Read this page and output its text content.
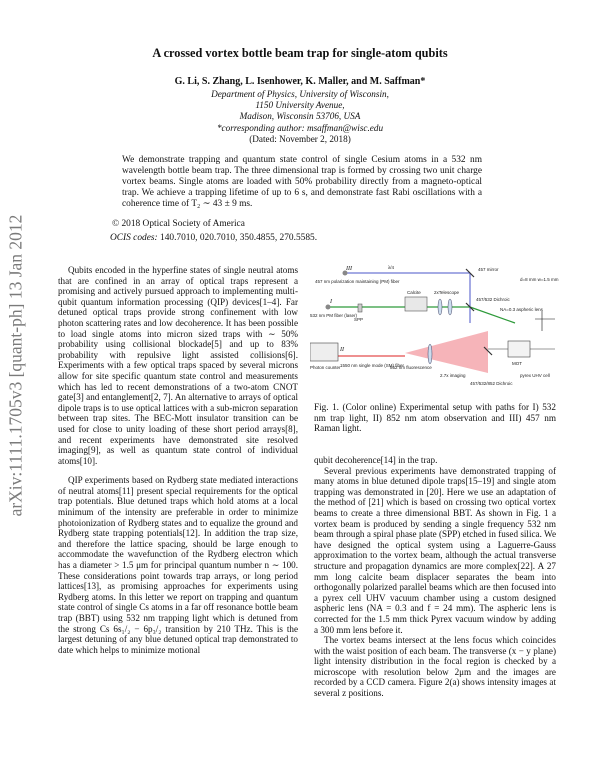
arXiv:1111.1705v3 [quant-ph] 13 Jan 2012
A crossed vortex bottle beam trap for single-atom qubits
G. Li, S. Zhang, L. Isenhower, K. Maller, and M. Saffman*
Department of Physics, University of Wisconsin,
1150 University Avenue,
Madison, Wisconsin 53706, USA
*corresponding author: msaffman@wisc.edu
(Dated: November 2, 2018)
We demonstrate trapping and quantum state control of single Cesium atoms in a 532 nm wavelength bottle beam trap. The three dimensional trap is formed by crossing two unit charge vortex beams. Single atoms are loaded with 50% probability directly from a magneto-optical trap. We achieve a trapping lifetime of up to 6 s, and demonstrate fast Rabi oscillations with a coherence time of T₂ ∼ 43 ± 9 ms.
© 2018 Optical Society of America
OCIS codes: 140.7010, 020.7010, 350.4855, 270.5585.

Qubits encoded in the hyperfine states of single neutral atoms that are confined in an array of optical traps represent a promising and actively pursued approach to implementing multi-qubit quantum information processing (QIP) devices[1–4]. Far detuned optical traps provide strong confinement with low photon scattering rates and low decoherence. It has been possible to load single atoms into micron sized traps with ∼ 50% probability using collisional blockade[5] and up to 83% probability with repulsive light assisted collisions[6]. Experiments with a few optical traps spaced by several microns allow for site specific quantum state control and measurements which has led to recent demonstrations of a two-atom CNOT gate[3] and entanglement[2, 7]. An alternative to arrays of optical dipole traps is to use optical lattices with a sub-micron separation between trap sites. The BEC-Mott insulator transition can be used for close to unity loading of these short period arrays[8], and recent experiments have demonstrated site resolved imaging[9], as well as quantum state control of individual atoms[10].

QIP experiments based on Rydberg state mediated interactions of neutral atoms[11] present special requirements for the optical trap potentials. Blue detuned traps which hold atoms at a local minimum of the intensity are preferable in order to minimize photoionization of Rydberg states and to equalize the ground and Rydberg state trapping potentials[12]. In addition the trap size, and therefore the lattice spacing, should be large enough to accommodate the wavefunction of the Rydberg electron which has a diameter > 1.5 μm for principal quantum number n ∼ 100. These considerations point towards trap arrays, or long period lattices[13], as promising approaches for experiments using Rydberg atoms. In this letter we report on trapping and quantum state control of single Cs atoms in a far off resonance bottle beam trap (BBT) using 532 nm trapping light which is detuned from the strong Cs 6s₁/₂ − 6p₃/₂ transition by 210 THz. This is the largest detuning of any blue detuned optical trap demonstrated to date which helps to minimize motional

III
I
II
457 nm polarization maintaining (PM) fiber
λ/4
Calcite	2xTelescope
457 mirror
457/532 Dichroic
NA=0.3 aspheric lens
532 nm PM fiber (laser)
SPP
1550 nm single mode (SM) fiber
852 nm fluorescence
2.7x imaging
457/532/852 Dichroic
Photon counter
MOT
pyrex UHV cell
d=8 mm w=1.5 mm
Fig. 1. (Color online) Experimental setup with paths for I) 532 nm trap light, II) 852 nm atom observation and III) 457 nm Raman light.

qubit decoherence[14] in the trap.

Several previous experiments have demonstrated trapping of many atoms in blue detuned dipole traps[15–19] and single atom trapping was demonstrated in [20]. Here we use an adaptation of the method of [21] which is based on crossing two optical vortex beams to create a three dimensional BBT. As shown in Fig. 1 a vortex beam is produced by sending a single frequency 532 nm beam through a spiral phase plate (SPP) etched in fused silica. We have designed the optical system using a Laguerre-Gauss approximation to the vortex beam, although the actual transverse structure and propagation dynamics are more complex[22]. A 27 mm long calcite beam displacer separates the beam into orthogonally polarized parallel beams which are then focused into a pyrex cell UHV vacuum chamber using a custom designed aspheric lens (NA = 0.3 and f = 24 mm). The aspheric lens is corrected for the 1.5 mm thick Pyrex vacuum window by adding a 300 mm lens before it.

The vortex beams intersect at the lens focus which coincides with the waist position of each beam. The transverse (x − y plane) light intensity distribution in the focal region is checked by a microscope with resolution below 2μm and the images are recorded by a CCD camera. Figure 2(a) shows intensity images at several z positions.
